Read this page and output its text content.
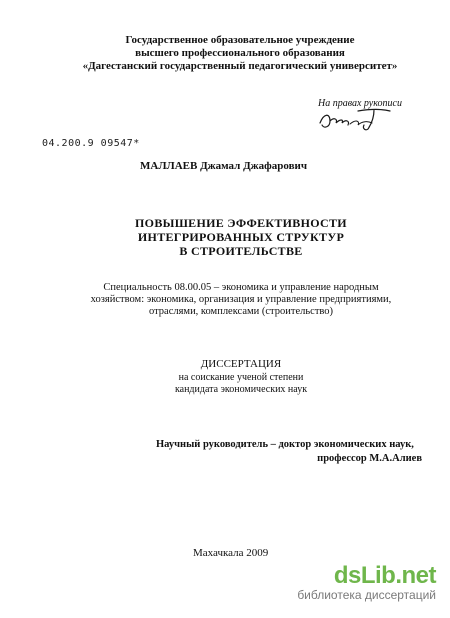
Государственное образовательное учреждение
высшего профессионального образования
«Дагестанский государственный педагогический университет»
На правах рукописи
04.200.9 09547*
МАЛЛАЕВ Джамал Джафарович
ПОВЫШЕНИЕ ЭФФЕКТИВНОСТИ
ИНТЕГРИРОВАННЫХ СТРУКТУР
В СТРОИТЕЛЬСТВЕ
Специальность 08.00.05 – экономика и управление народным
хозяйством: экономика, организация и управление предприятиями,
отраслями, комплексами (строительство)
ДИССЕРТАЦИЯ
на соискание ученой степени
кандидата экономических наук
Научный руководитель – доктор экономических наук,
профессор М.А.Алиев
Махачкала 2009
dsLib.net
библиотека диссертаций
